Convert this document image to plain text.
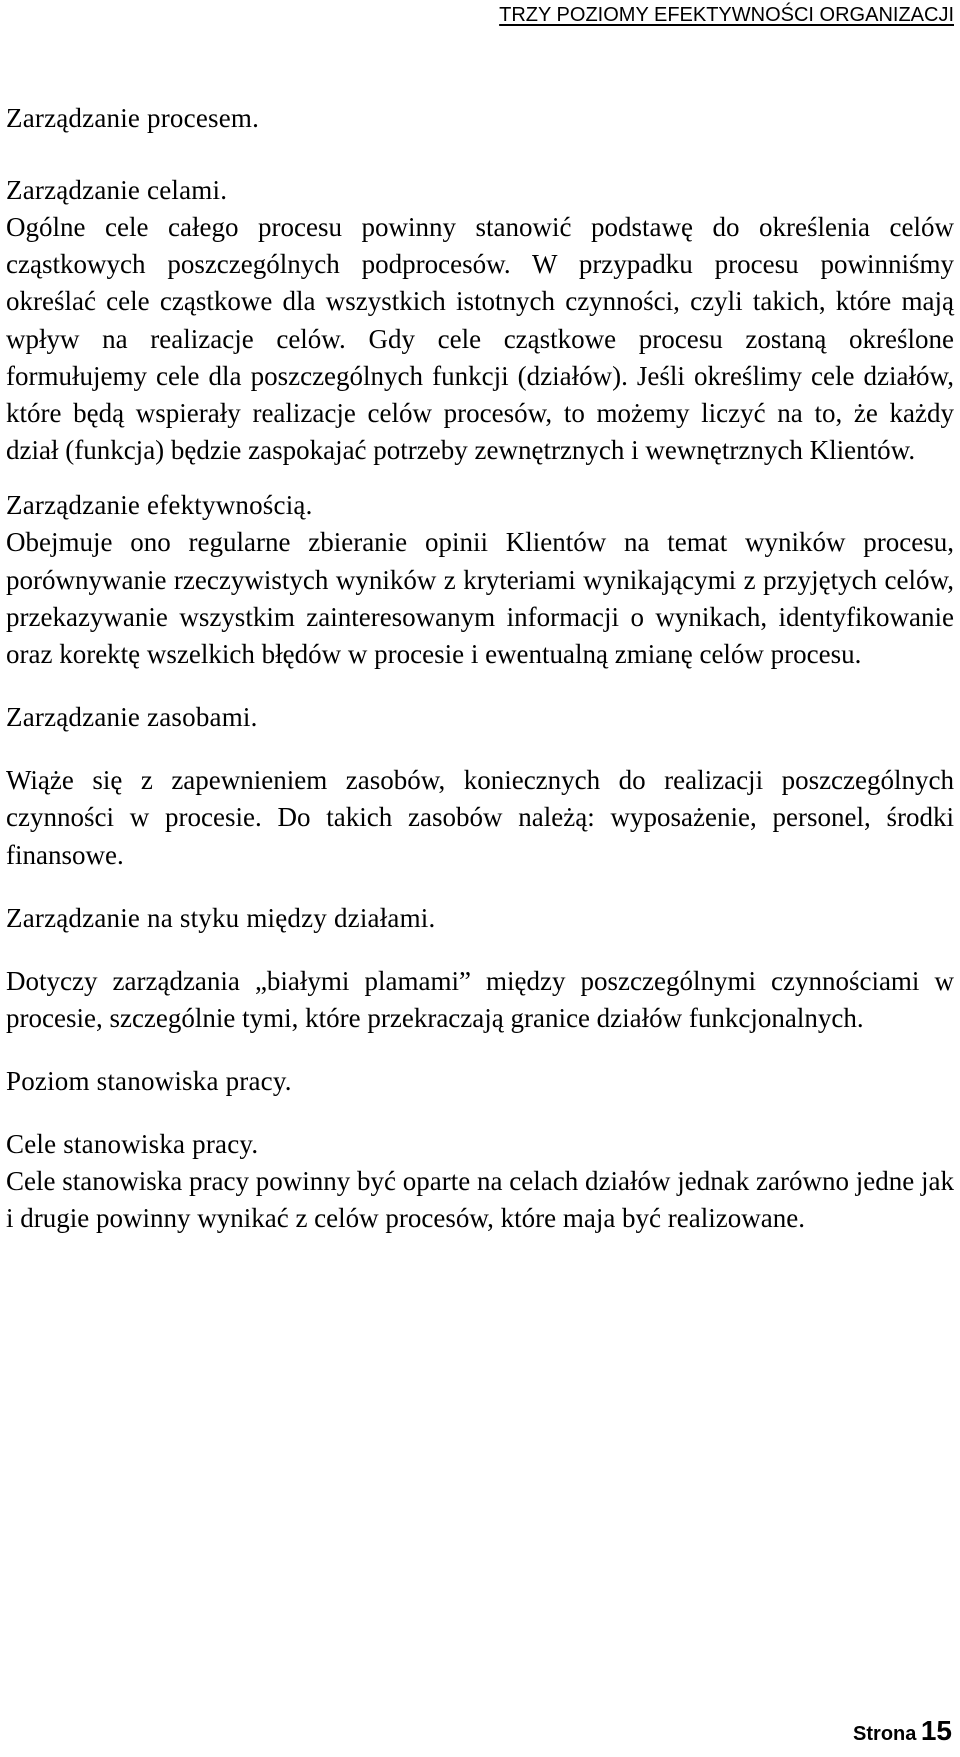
TRZY POZIOMY EFEKTYWNOŚCI ORGANIZACJI
Zarządzanie procesem.
Zarządzanie celami.

Ogólne cele całego procesu powinny stanowić podstawę do określenia celów cząstkowych poszczególnych podprocesów. W przypadku procesu powinniśmy określać cele cząstkowe dla wszystkich istotnych czynności, czyli takich, które mają wpływ na realizacje celów. Gdy cele cząstkowe procesu zostaną określone formułujemy cele dla poszczególnych funkcji (działów). Jeśli określimy cele działów, które będą wspierały realizacje celów procesów, to możemy liczyć na to, że każdy dział (funkcja) będzie zaspokajać potrzeby zewnętrznych i wewnętrznych Klientów.

Zarządzanie efektywnością.

Obejmuje ono regularne zbieranie opinii Klientów na temat wyników procesu, porównywanie rzeczywistych wyników z kryteriami wynikającymi z przyjętych celów, przekazywanie wszystkim zainteresowanym informacji o wynikach, identyfikowanie oraz korektę wszelkich błędów w procesie i ewentualną zmianę celów procesu.

Zarządzanie zasobami.

Wiąże się z zapewnieniem zasobów, koniecznych do realizacji poszczególnych czynności w procesie. Do takich zasobów należą: wyposażenie, personel, środki finansowe.

Zarządzanie na styku między działami.

Dotyczy zarządzania „białymi plamami” między poszczególnymi czynnościami w procesie, szczególnie tymi, które przekraczają granice działów funkcjonalnych.

Poziom stanowiska pracy.
Cele stanowiska pracy.

Cele stanowiska pracy powinny być oparte na celach działów jednak zarówno jedne jak i drugie powinny wynikać z celów procesów, które maja być realizowane.

Strona 15
